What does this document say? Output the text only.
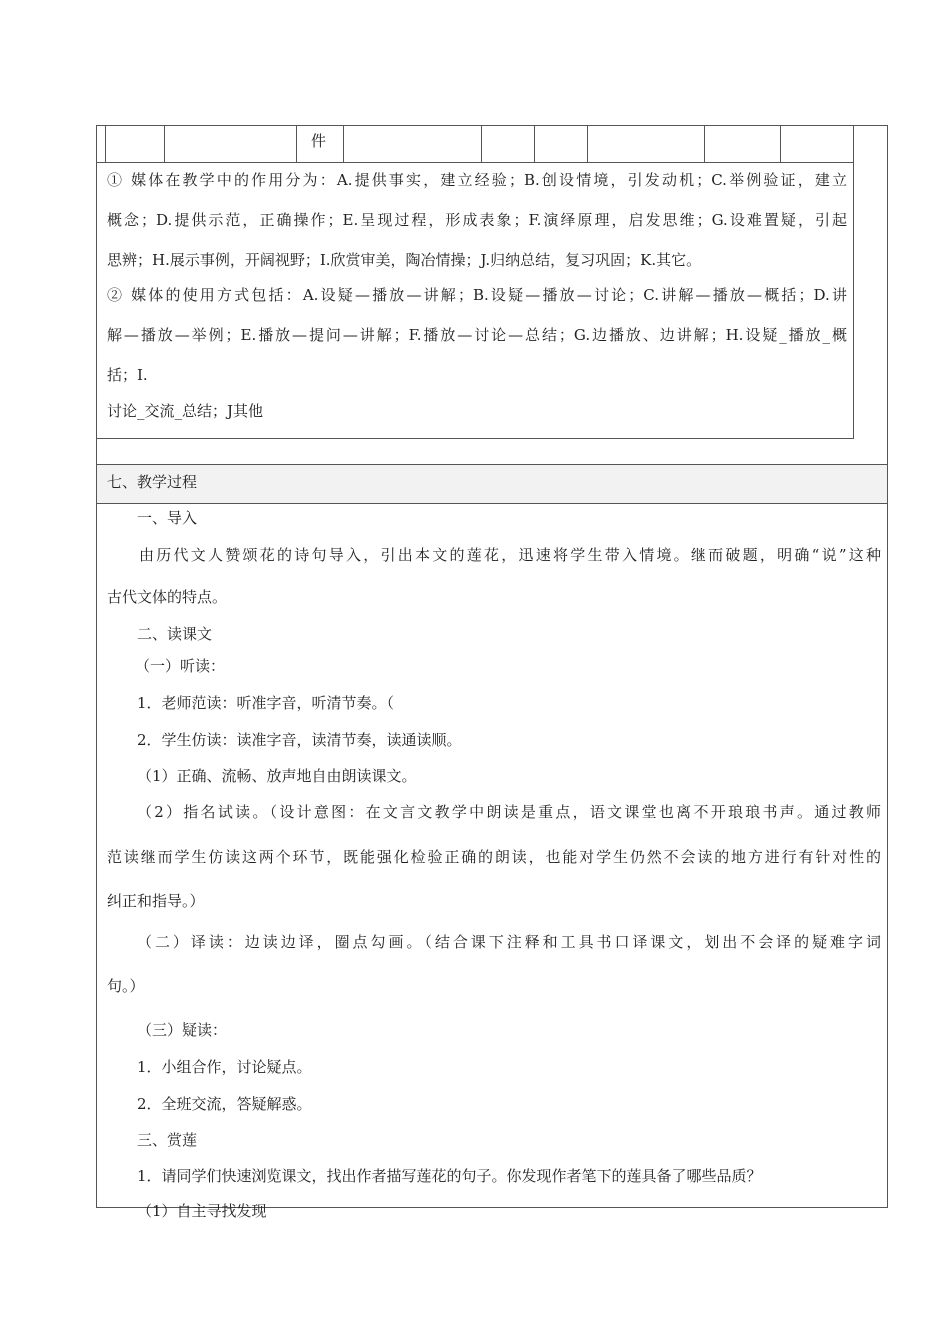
件
① 媒体在教学中的作用分为：A.提供事实，建立经验；B.创设情境，引发动机；C.举例验证，建立
概念；D.提供示范，正确操作；E.呈现过程，形成表象；F.演绎原理，启发思维；G.设难置疑，引起
思辨；H.展示事例，开阔视野；I.欣赏审美，陶冶情操；J.归纳总结，复习巩固；K.其它。
② 媒体的使用方式包括：A.设疑—播放—讲解；B.设疑—播放—讨论；C.讲解—播放—概括；D.讲
解—播放—举例；E.播放—提问—讲解；F.播放—讨论—总结；G.边播放、边讲解；H.设疑_播放_概
括；I.
讨论_交流_总结；J其他
七、教学过程
一、导入
由历代文人赞颂花的诗句导入，引出本文的莲花，迅速将学生带入情境。继而破题，明确“说”这种
古代文体的特点。
二、读课文
（一）听读：
1．老师范读：听准字音，听清节奏。（
2．学生仿读：读准字音，读清节奏，读通读顺。
（1）正确、流畅、放声地自由朗读课文。
（2）指名试读。（设计意图：在文言文教学中朗读是重点，语文课堂也离不开琅琅书声。通过教师
范读继而学生仿读这两个环节，既能强化检验正确的朗读，也能对学生仍然不会读的地方进行有针对性的
纠正和指导。）
（二）译读：边读边译，圈点勾画。（结合课下注释和工具书口译课文，划出不会译的疑难字词
句。）
（三）疑读：
1．小组合作，讨论疑点。
2．全班交流，答疑解惑。
三、赏莲
1．请同学们快速浏览课文，找出作者描写莲花的句子。你发现作者笔下的莲具备了哪些品质？
（1）自主寻找发现
